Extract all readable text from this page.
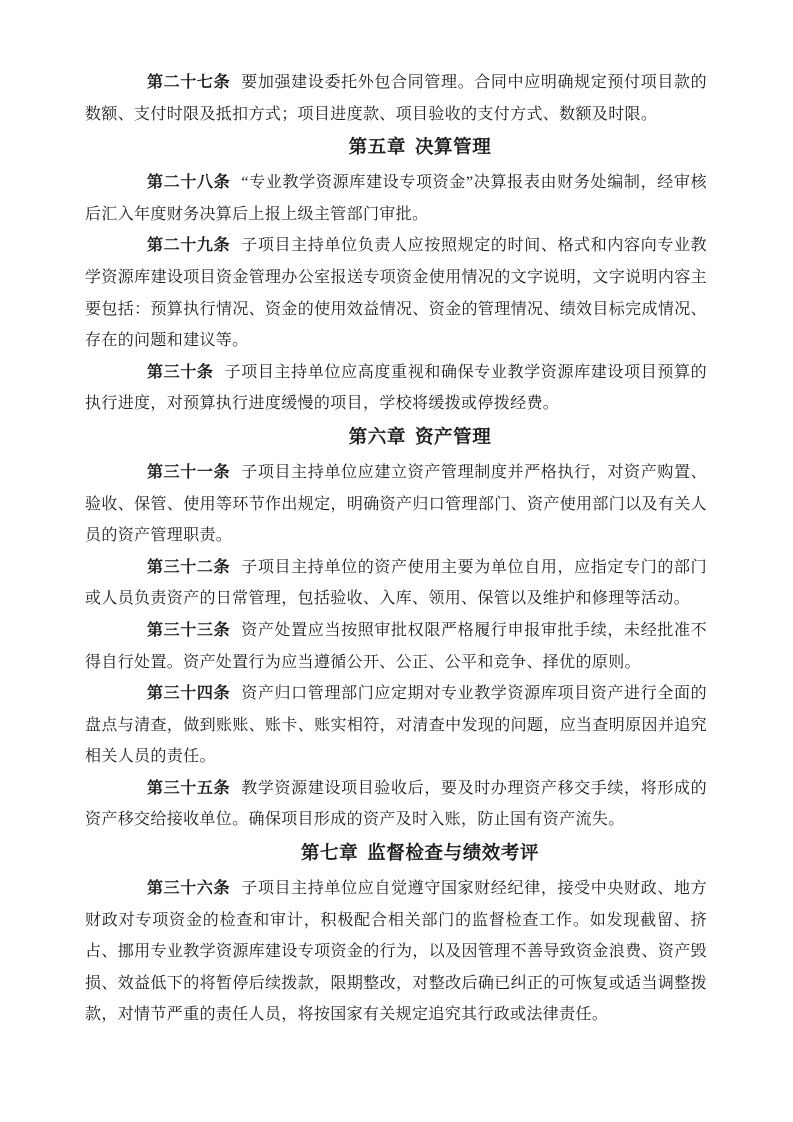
第二十七条 要加强建设委托外包合同管理。合同中应明确规定预付项目款的数额、支付时限及抵扣方式；项目进度款、项目验收的支付方式、数额及时限。

第五章 决算管理

第二十八条 “专业教学资源库建设专项资金”决算报表由财务处编制，经审核后汇入年度财务决算后上报上级主管部门审批。

第二十九条 子项目主持单位负责人应按照规定的时间、格式和内容向专业教学资源库建设项目资金管理办公室报送专项资金使用情况的文字说明，文字说明内容主要包括：预算执行情况、资金的使用效益情况、资金的管理情况、绩效目标完成情况、存在的问题和建议等。

第三十条 子项目主持单位应高度重视和确保专业教学资源库建设项目预算的执行进度，对预算执行进度缓慢的项目，学校将缓拨或停拨经费。

第六章 资产管理

第三十一条 子项目主持单位应建立资产管理制度并严格执行，对资产购置、验收、保管、使用等环节作出规定，明确资产归口管理部门、资产使用部门以及有关人员的资产管理职责。

第三十二条 子项目主持单位的资产使用主要为单位自用，应指定专门的部门或人员负责资产的日常管理，包括验收、入库、领用、保管以及维护和修理等活动。

第三十三条 资产处置应当按照审批权限严格履行申报审批手续，未经批准不得自行处置。资产处置行为应当遵循公开、公正、公平和竞争、择优的原则。

第三十四条 资产归口管理部门应定期对专业教学资源库项目资产进行全面的盘点与清查，做到账账、账卡、账实相符，对清查中发现的问题，应当查明原因并追究相关人员的责任。

第三十五条 教学资源建设项目验收后，要及时办理资产移交手续，将形成的资产移交给接收单位。确保项目形成的资产及时入账，防止国有资产流失。

第七章 监督检查与绩效考评

第三十六条 子项目主持单位应自觉遵守国家财经纪律，接受中央财政、地方财政对专项资金的检查和审计，积极配合相关部门的监督检查工作。如发现截留、挤占、挪用专业教学资源库建设专项资金的行为，以及因管理不善导致资金浪费、资产毁损、效益低下的将暂停后续拨款，限期整改，对整改后确已纠正的可恢复或适当调整拨款，对情节严重的责任人员，将按国家有关规定追究其行政或法律责任。
